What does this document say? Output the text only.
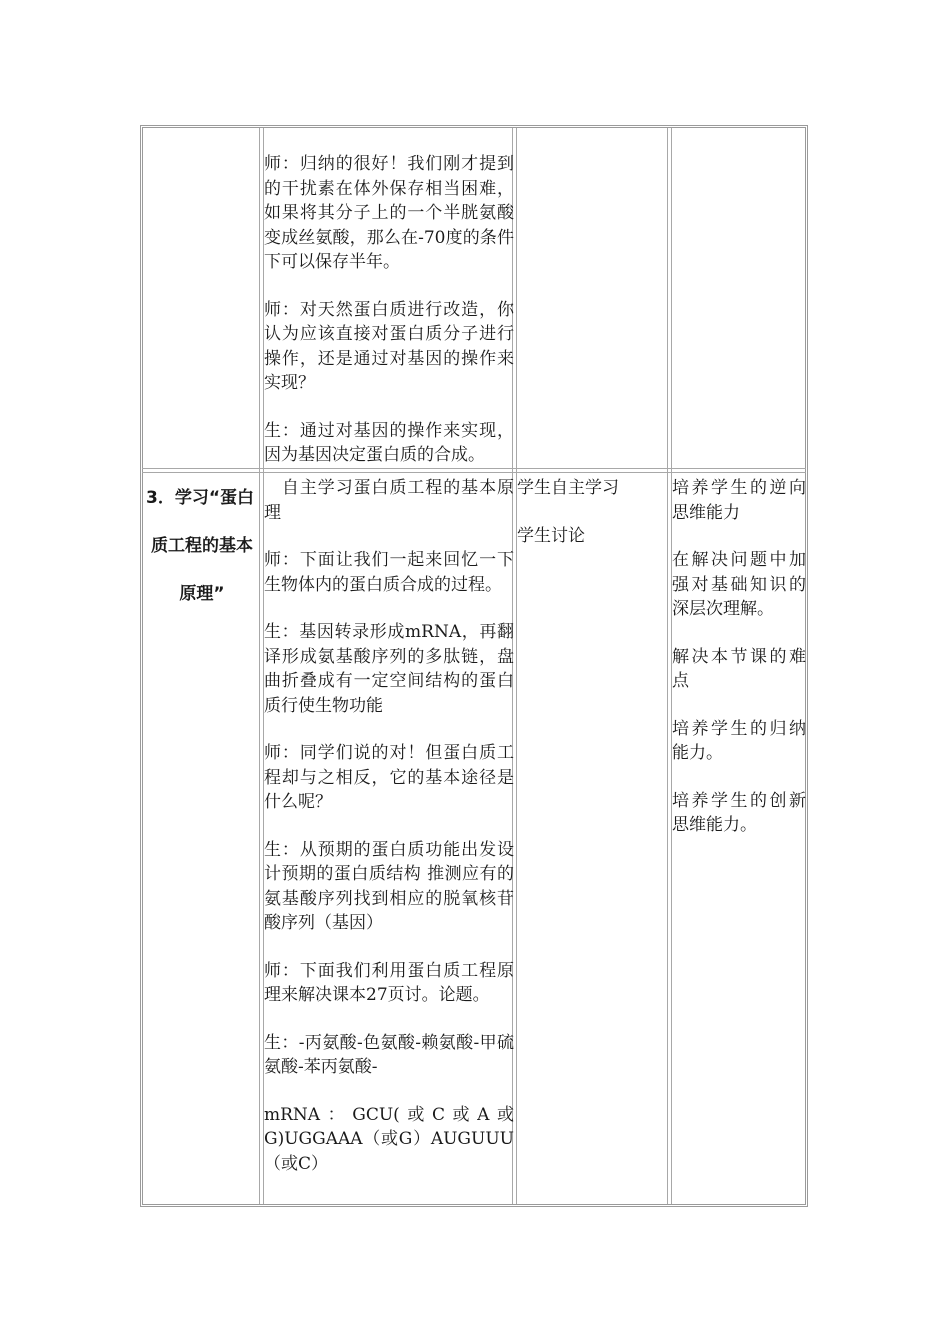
师：归纳的很好！我们刚才提到的干扰素在体外保存相当困难，如果将其分子上的一个半胱氨酸变成丝氨酸，那么在-70度的条件下可以保存半年。

师：对天然蛋白质进行改造，你认为应该直接对蛋白质分子进行操作，还是通过对基因的操作来实现？

生：通过对基因的操作来实现，因为基因决定蛋白质的合成。

3．学习“蛋白
质工程的基本
原理”

　自主学习蛋白质工程的基本原理

师：下面让我们一起来回忆一下生物体内的蛋白质合成的过程。

生：基因转录形成mRNA，再翻译形成氨基酸序列的多肽链，盘曲折叠成有一定空间结构的蛋白质行使生物功能

师：同学们说的对！但蛋白质工程却与之相反，它的基本途径是什么呢？

生：从预期的蛋白质功能出发设计预期的蛋白质结构 推测应有的氨基酸序列找到相应的脱氧核苷酸序列（基因）

师：下面我们利用蛋白质工程原理来解决课本27页讨。论题。

生：-丙氨酸-色氨酸-赖氨酸-甲硫氨酸-苯丙氨酸-

mRNA：GCU(或C或A或G)UGGAAA（或G）AUGUUU（或C）

学生自主学习

学生讨论

培养学生的逆向思维能力

在解决问题中加强对基础知识的深层次理解。

解决本节课的难点

培养学生的归纳能力。

培养学生的创新思维能力。
